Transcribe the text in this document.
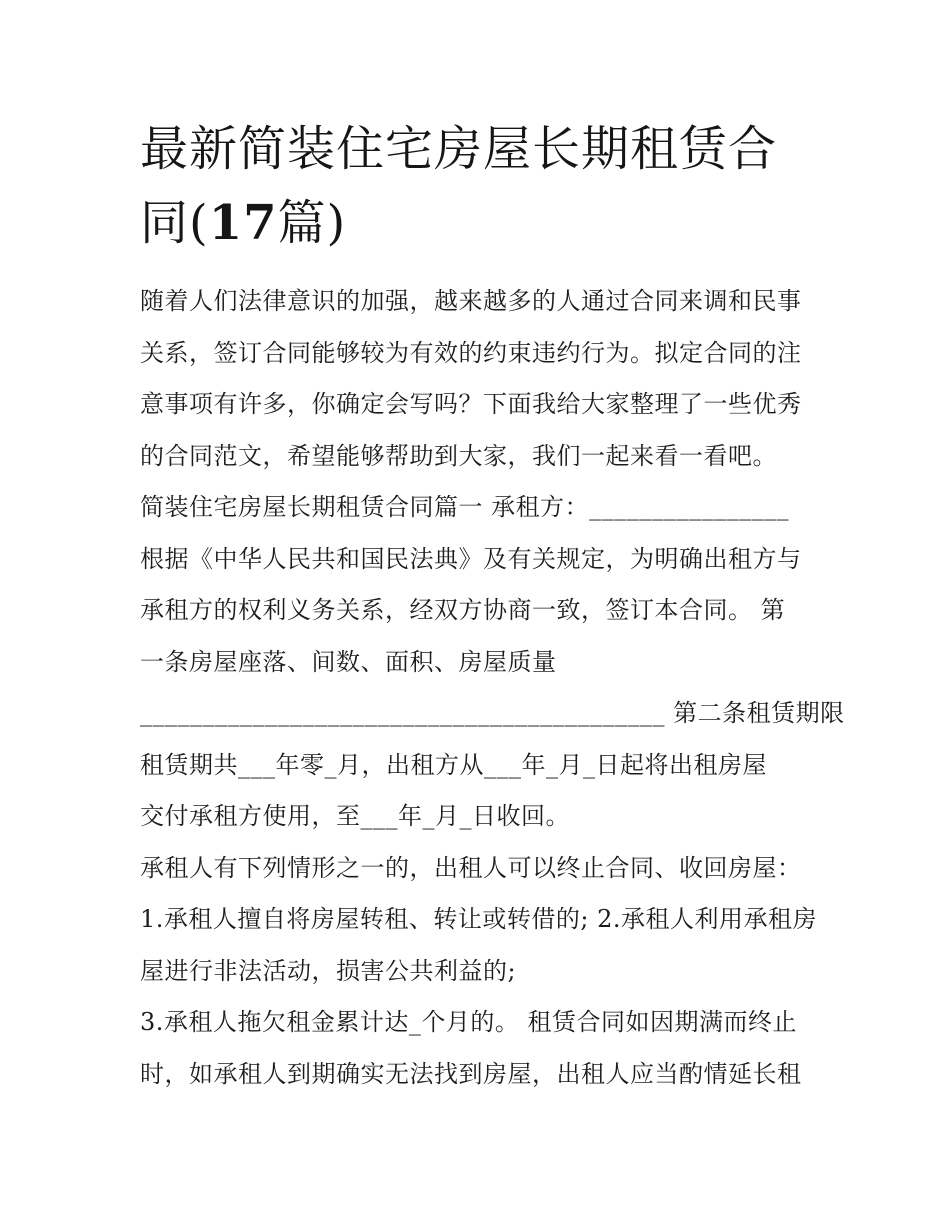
最新简装住宅房屋长期租赁合
同(17篇)
随着人们法律意识的加强，越来越多的人通过合同来调和民事
关系，签订合同能够较为有效的约束违约行为。拟定合同的注
意事项有许多，你确定会写吗？下面我给大家整理了一些优秀
的合同范文，希望能够帮助到大家，我们一起来看一看吧。
简装住宅房屋长期租赁合同篇一 承租方：________________
根据《中华人民共和国民法典》及有关规定，为明确出租方与
承租方的权利义务关系，经双方协商一致，签订本合同。 第
一条房屋座落、间数、面积、房屋质量
__________________________________________ 第二条租赁期限
租赁期共___年零_月，出租方从___年_月_日起将出租房屋
交付承租方使用，至___年_月_日收回。
承租人有下列情形之一的，出租人可以终止合同、收回房屋：
1.承租人擅自将房屋转租、转让或转借的; 2.承租人利用承租房
屋进行非法活动，损害公共利益的;
3.承租人拖欠租金累计达_个月的。 租赁合同如因期满而终止
时，如承租人到期确实无法找到房屋，出租人应当酌情延长租
